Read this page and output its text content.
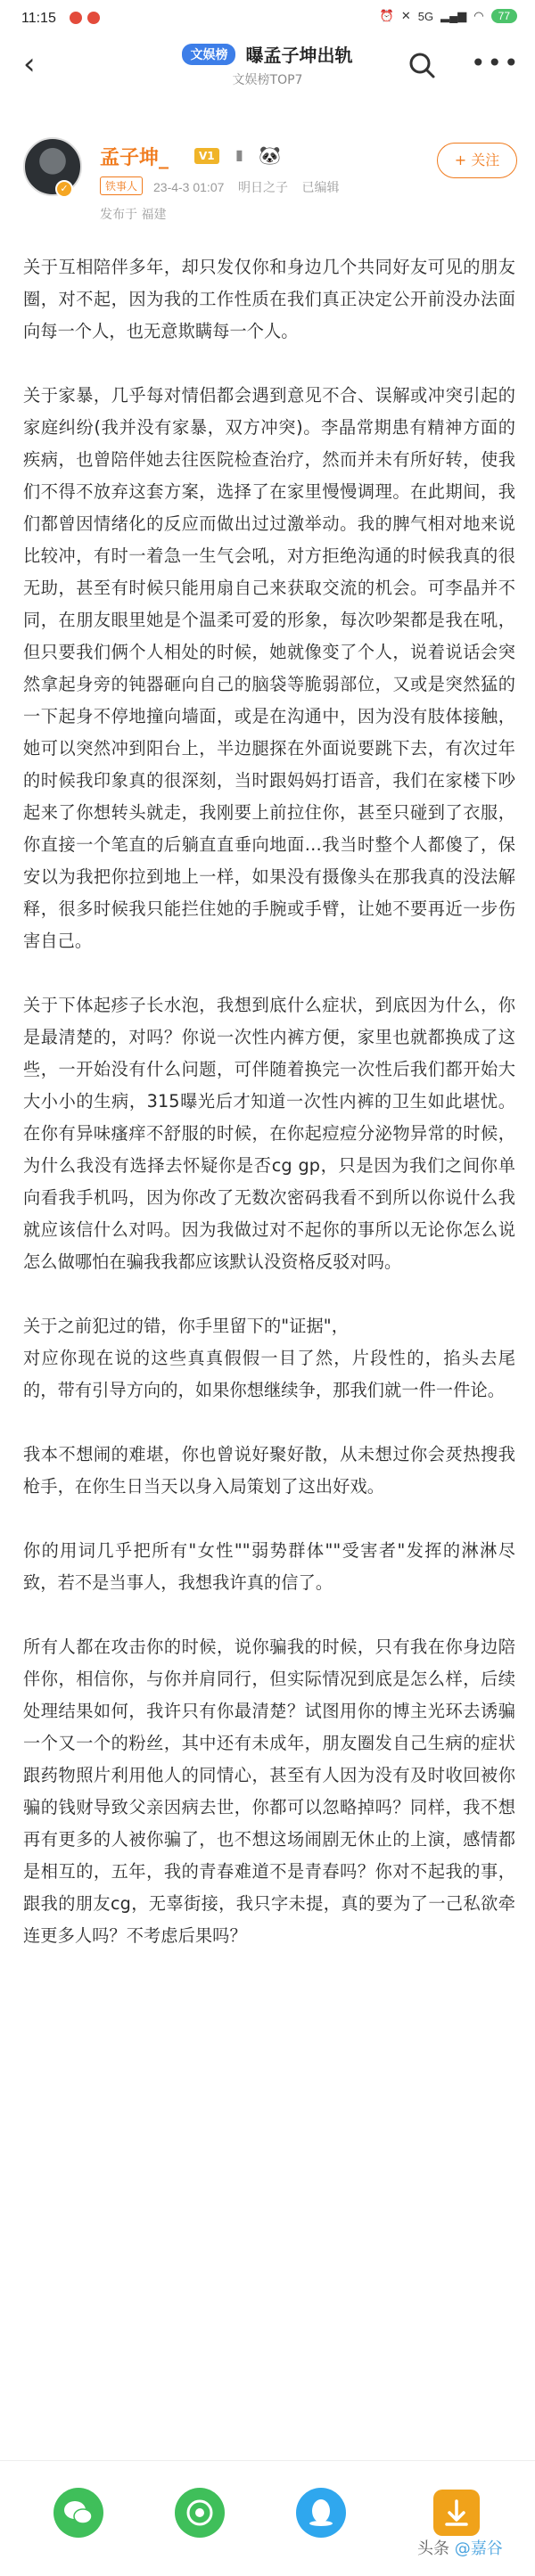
11:15	⏰ ✕ 5G ▂▄▆ ◠	77
‹	文娱榜 曝孟子坤出轨
文娱榜TOP7
•••
✓
孟子坤_	V1	▮ 🐼
铁事人	23-4-3 01:07 明日之子 已编辑
发布于 福建
+ 关注

关于互相陪伴多年，却只发仅你和身边几个共同好友可见的朋友圈，对不起，因为我的工作性质在我们真正决定公开前没办法面向每一个人，也无意欺瞒每一个人。

关于家暴，几乎每对情侣都会遇到意见不合、误解或冲突引起的家庭纠纷(我并没有家暴，双方冲突)。李晶常期患有精神方面的疾病，也曾陪伴她去往医院检查治疗，然而并未有所好转，使我们不得不放弃这套方案，选择了在家里慢慢调理。在此期间，我们都曾因情绪化的反应而做出过过激举动。我的脾气相对地来说比较冲，有时一着急一生气会吼，对方拒绝沟通的时候我真的很无助，甚至有时候只能用扇自己来获取交流的机会。可李晶并不同，在朋友眼里她是个温柔可爱的形象，每次吵架都是我在吼，但只要我们俩个人相处的时候，她就像变了个人，说着说话会突然拿起身旁的钝器砸向自己的脑袋等脆弱部位，又或是突然猛的一下起身不停地撞向墙面，或是在沟通中，因为没有肢体接触，她可以突然冲到阳台上，半边腿探在外面说要跳下去，有次过年的时候我印象真的很深刻，当时跟妈妈打语音，我们在家楼下吵起来了你想转头就走，我刚要上前拉住你，甚至只碰到了衣服，你直接一个笔直的后躺直直垂向地面…我当时整个人都傻了，保安以为我把你拉到地上一样，如果没有摄像头在那我真的没法解释，很多时候我只能拦住她的手腕或手臂，让她不要再近一步伤害自己。

关于下体起疹子长水泡，我想到底什么症状，到底因为什么，你是最清楚的，对吗？你说一次性内裤方便，家里也就都换成了这些，一开始没有什么问题，可伴随着换完一次性后我们都开始大大小小的生病，315曝光后才知道一次性内裤的卫生如此堪忧。在你有异味瘙痒不舒服的时候，在你起痘痘分泌物异常的时候，为什么我没有选择去怀疑你是否cg gp，只是因为我们之间你单向看我手机吗，因为你改了无数次密码我看不到所以你说什么我就应该信什么对吗。因为我做过对不起你的事所以无论你怎么说怎么做哪怕在骗我我都应该默认没资格反驳对吗。

关于之前犯过的错，你手里留下的"证据"，
对应你现在说的这些真真假假一目了然，片段性的，掐头去尾的，带有引导方向的，如果你想继续争，那我们就一件一件论。

我本不想闹的难堪，你也曾说好聚好散，从未想过你会烎热搜我枪手，在你生日当天以身入局策划了这出好戏。

你的用词几乎把所有"女性""弱势群体""受害者"发挥的淋淋尽致，若不是当事人，我想我许真的信了。

所有人都在攻击你的时候，说你骗我的时候，只有我在你身边陪伴你，相信你，与你并肩同行，但实际情况到底是怎么样，后续处理结果如何，我许只有你最清楚？试图用你的博主光环去诱骗一个又一个的粉丝，其中还有未成年，朋友圈发自己生病的症状跟药物照片利用他人的同情心，甚至有人因为没有及时收回被你骗的钱财导致父亲因病去世，你都可以忽略掉吗？同样，我不想再有更多的人被你骗了，也不想这场闹剧无休止的上演，感情都是相互的，五年，我的青春难道不是青春吗？你对不起我的事，跟我的朋友cg，无辜街接，我只字未提，真的要为了一己私欲牵连更多人吗？不考虑后果吗？

头条 @嘉谷
